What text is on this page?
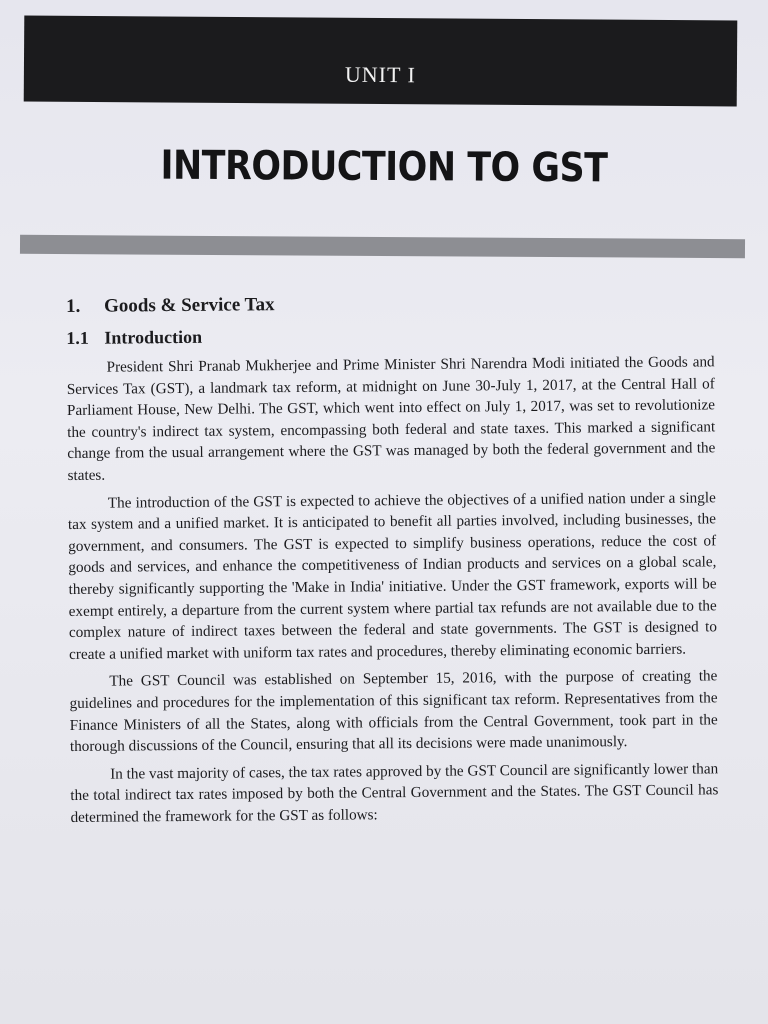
UNIT I
INTRODUCTION TO GST
1. Goods & Service Tax
1.1 Introduction

President Shri Pranab Mukherjee and Prime Minister Shri Narendra Modi initiated the Goods and Services Tax (GST), a landmark tax reform, at midnight on June 30-July 1, 2017, at the Central Hall of Parliament House, New Delhi. The GST, which went into effect on July 1, 2017, was set to revolutionize the country's indirect tax system, encompassing both federal and state taxes. This marked a significant change from the usual arrangement where the GST was managed by both the federal government and the states.

The introduction of the GST is expected to achieve the objectives of a unified nation under a single tax system and a unified market. It is anticipated to benefit all parties involved, including businesses, the government, and consumers. The GST is expected to simplify business operations, reduce the cost of goods and services, and enhance the competitiveness of Indian products and services on a global scale, thereby significantly supporting the 'Make in India' initiative. Under the GST framework, exports will be exempt entirely, a departure from the current system where partial tax refunds are not available due to the complex nature of indirect taxes between the federal and state governments. The GST is designed to create a unified market with uniform tax rates and procedures, thereby eliminating economic barriers.

The GST Council was established on September 15, 2016, with the purpose of creating the guidelines and procedures for the implementation of this significant tax reform. Representatives from the Finance Ministers of all the States, along with officials from the Central Government, took part in the thorough discussions of the Council, ensuring that all its decisions were made unanimously.

In the vast majority of cases, the tax rates approved by the GST Council are significantly lower than the total indirect tax rates imposed by both the Central Government and the States. The GST Council has determined the framework for the GST as follows:
